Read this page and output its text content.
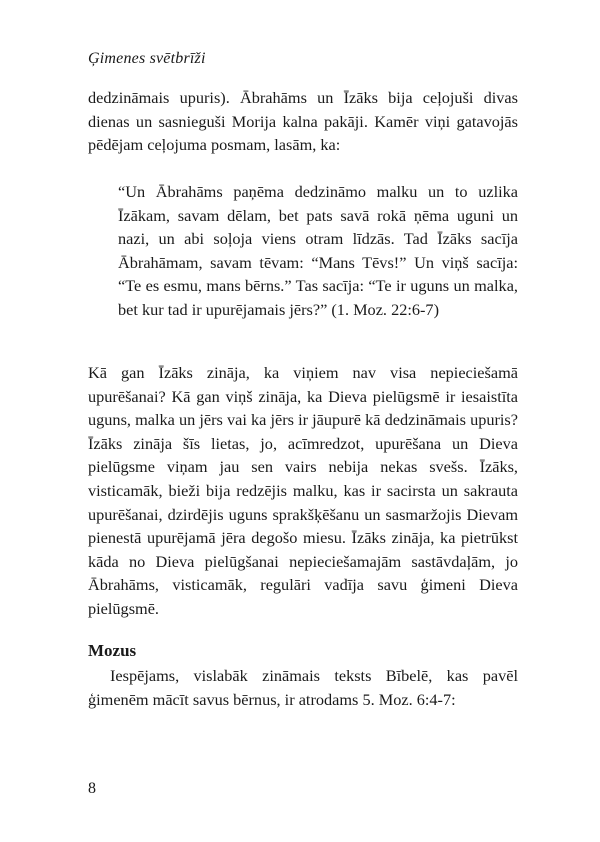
Ģimenes svētbrīži

dedzināmais upuris). Ābrahāms un Īzāks bija ceļojuši divas dienas un sasnieguši Morija kalna pakāji. Kamēr viņi gatavojās pēdējam ceļojuma posmam, lasām, ka:

“Un Ābrahāms paņēma dedzināmo malku un to uzlika Īzākam, savam dēlam, bet pats savā rokā ņēma uguni un nazi, un abi soļoja viens otram līdzās. Tad Īzāks sacīja Ābrahāmam, savam tēvam: “Mans Tēvs!” Un viņš sacīja: “Te es esmu, mans bērns.” Tas sacīja: “Te ir uguns un malka, bet kur tad ir upurējamais jērs?” (1. Moz. 22:6-7)

Kā gan Īzāks zināja, ka viņiem nav visa nepieciešamā upurēšanai? Kā gan viņš zināja, ka Dieva pielūgsmē ir iesaistīta uguns, malka un jērs vai ka jērs ir jāupurē kā dedzināmais upuris? Īzāks zināja šīs lietas, jo, acīmredzot, upurēšana un Dieva pielūgsme viņam jau sen vairs nebija nekas svešs. Īzāks, visticamāk, bieži bija redzējis malku, kas ir sacirsta un sakrauta upurēšanai, dzirdējis uguns sprakšķēšanu un sasmaržojis Dievam pienestā upurējamā jēra degošo miesu. Īzāks zināja, ka pietrūkst kāda no Dieva pielūgšanai nepieciešamajām sastāvdaļām, jo Ābrahāms, visticamāk, regulāri vadīja savu ģimeni Dieva pielūgsmē.

Mozus

Iespējams, vislabāk zināmais teksts Bībelē, kas pavēl ģimenēm mācīt savus bērnus, ir atrodams 5. Moz. 6:4-7:

8
